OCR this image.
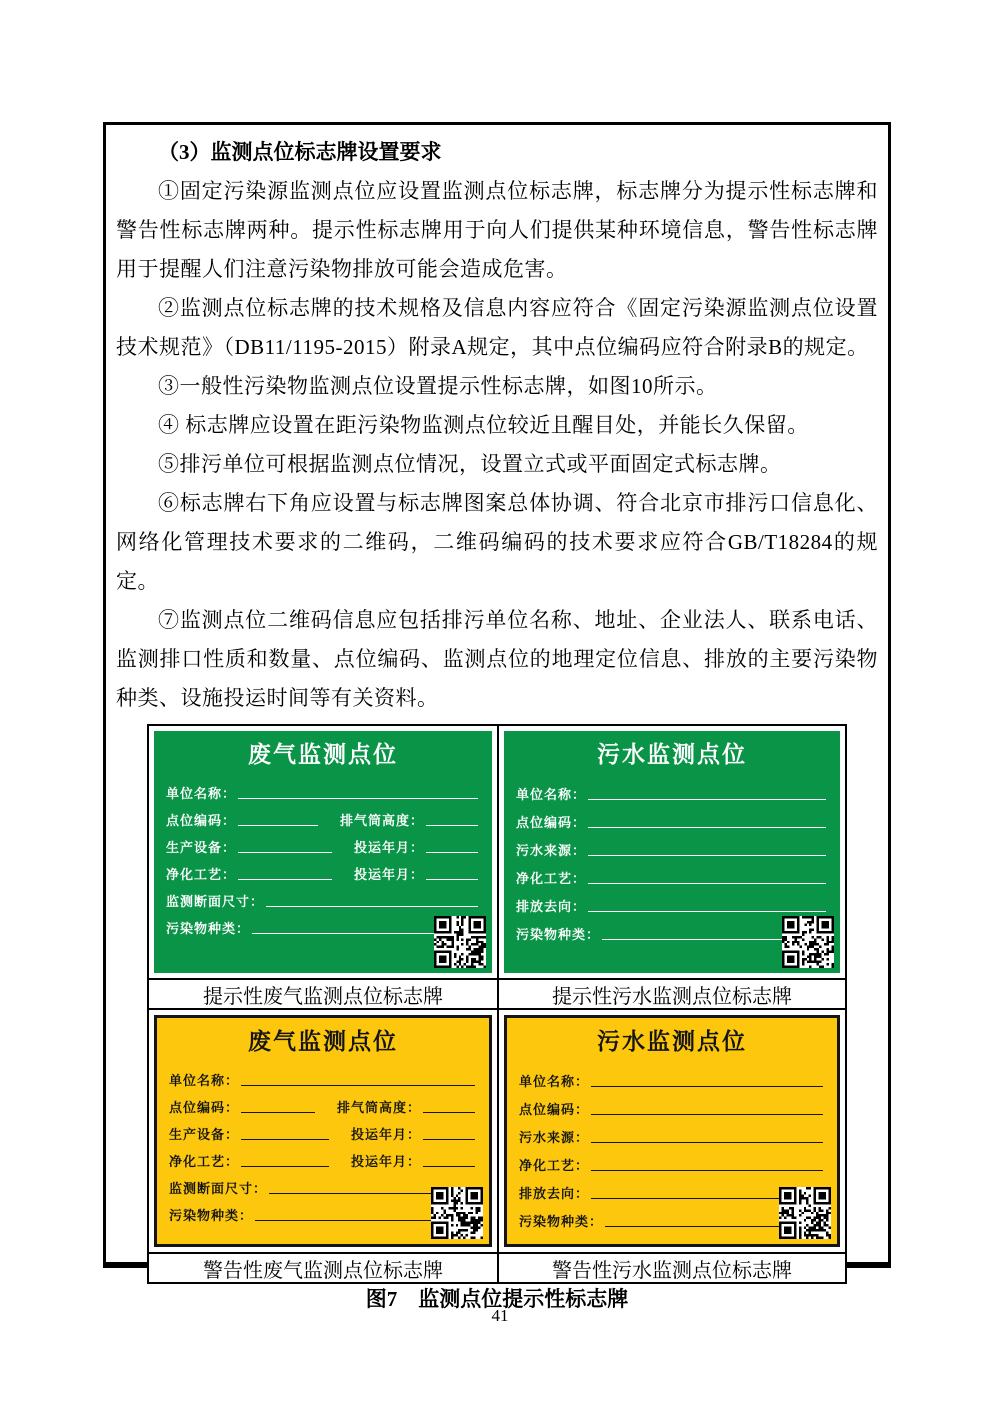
（3）监测点位标志牌设置要求

①固定污染源监测点位应设置监测点位标志牌，标志牌分为提示性标志牌和警告性标志牌两种。提示性标志牌用于向人们提供某种环境信息，警告性标志牌用于提醒人们注意污染物排放可能会造成危害。

②监测点位标志牌的技术规格及信息内容应符合《固定污染源监测点位设置技术规范》（DB11/1195-2015）附录A规定，其中点位编码应符合附录B的规定。

③一般性污染物监测点位设置提示性标志牌，如图10所示。

④ 标志牌应设置在距污染物监测点位较近且醒目处，并能长久保留。

⑤排污单位可根据监测点位情况，设置立式或平面固定式标志牌。

⑥标志牌右下角应设置与标志牌图案总体协调、符合北京市排污口信息化、网络化管理技术要求的二维码，二维码编码的技术要求应符合GB/T18284的规定。

⑦监测点位二维码信息应包括排污单位名称、地址、企业法人、联系电话、监测排口性质和数量、点位编码、监测点位的地理定位信息、排放的主要污染物种类、设施投运时间等有关资料。

废气监测点位
单位名称：
点位编码：	排气筒高度：
生产设备：	投运年月：
净化工艺：	投运年月：
监测断面尺寸：
污染物种类：
污水监测点位
单位名称：
点位编码：
污水来源：
净化工艺：
排放去向：
污染物种类：
提示性废气监测点位标志牌	提示性污水监测点位标志牌
废气监测点位
单位名称：
点位编码：	排气筒高度：
生产设备：	投运年月：
净化工艺：	投运年月：
监测断面尺寸：
污染物种类：
污水监测点位
单位名称：
点位编码：
污水来源：
净化工艺：
排放去向：
污染物种类：
警告性废气监测点位标志牌	警告性污水监测点位标志牌
图7　监测点位提示性标志牌
41
